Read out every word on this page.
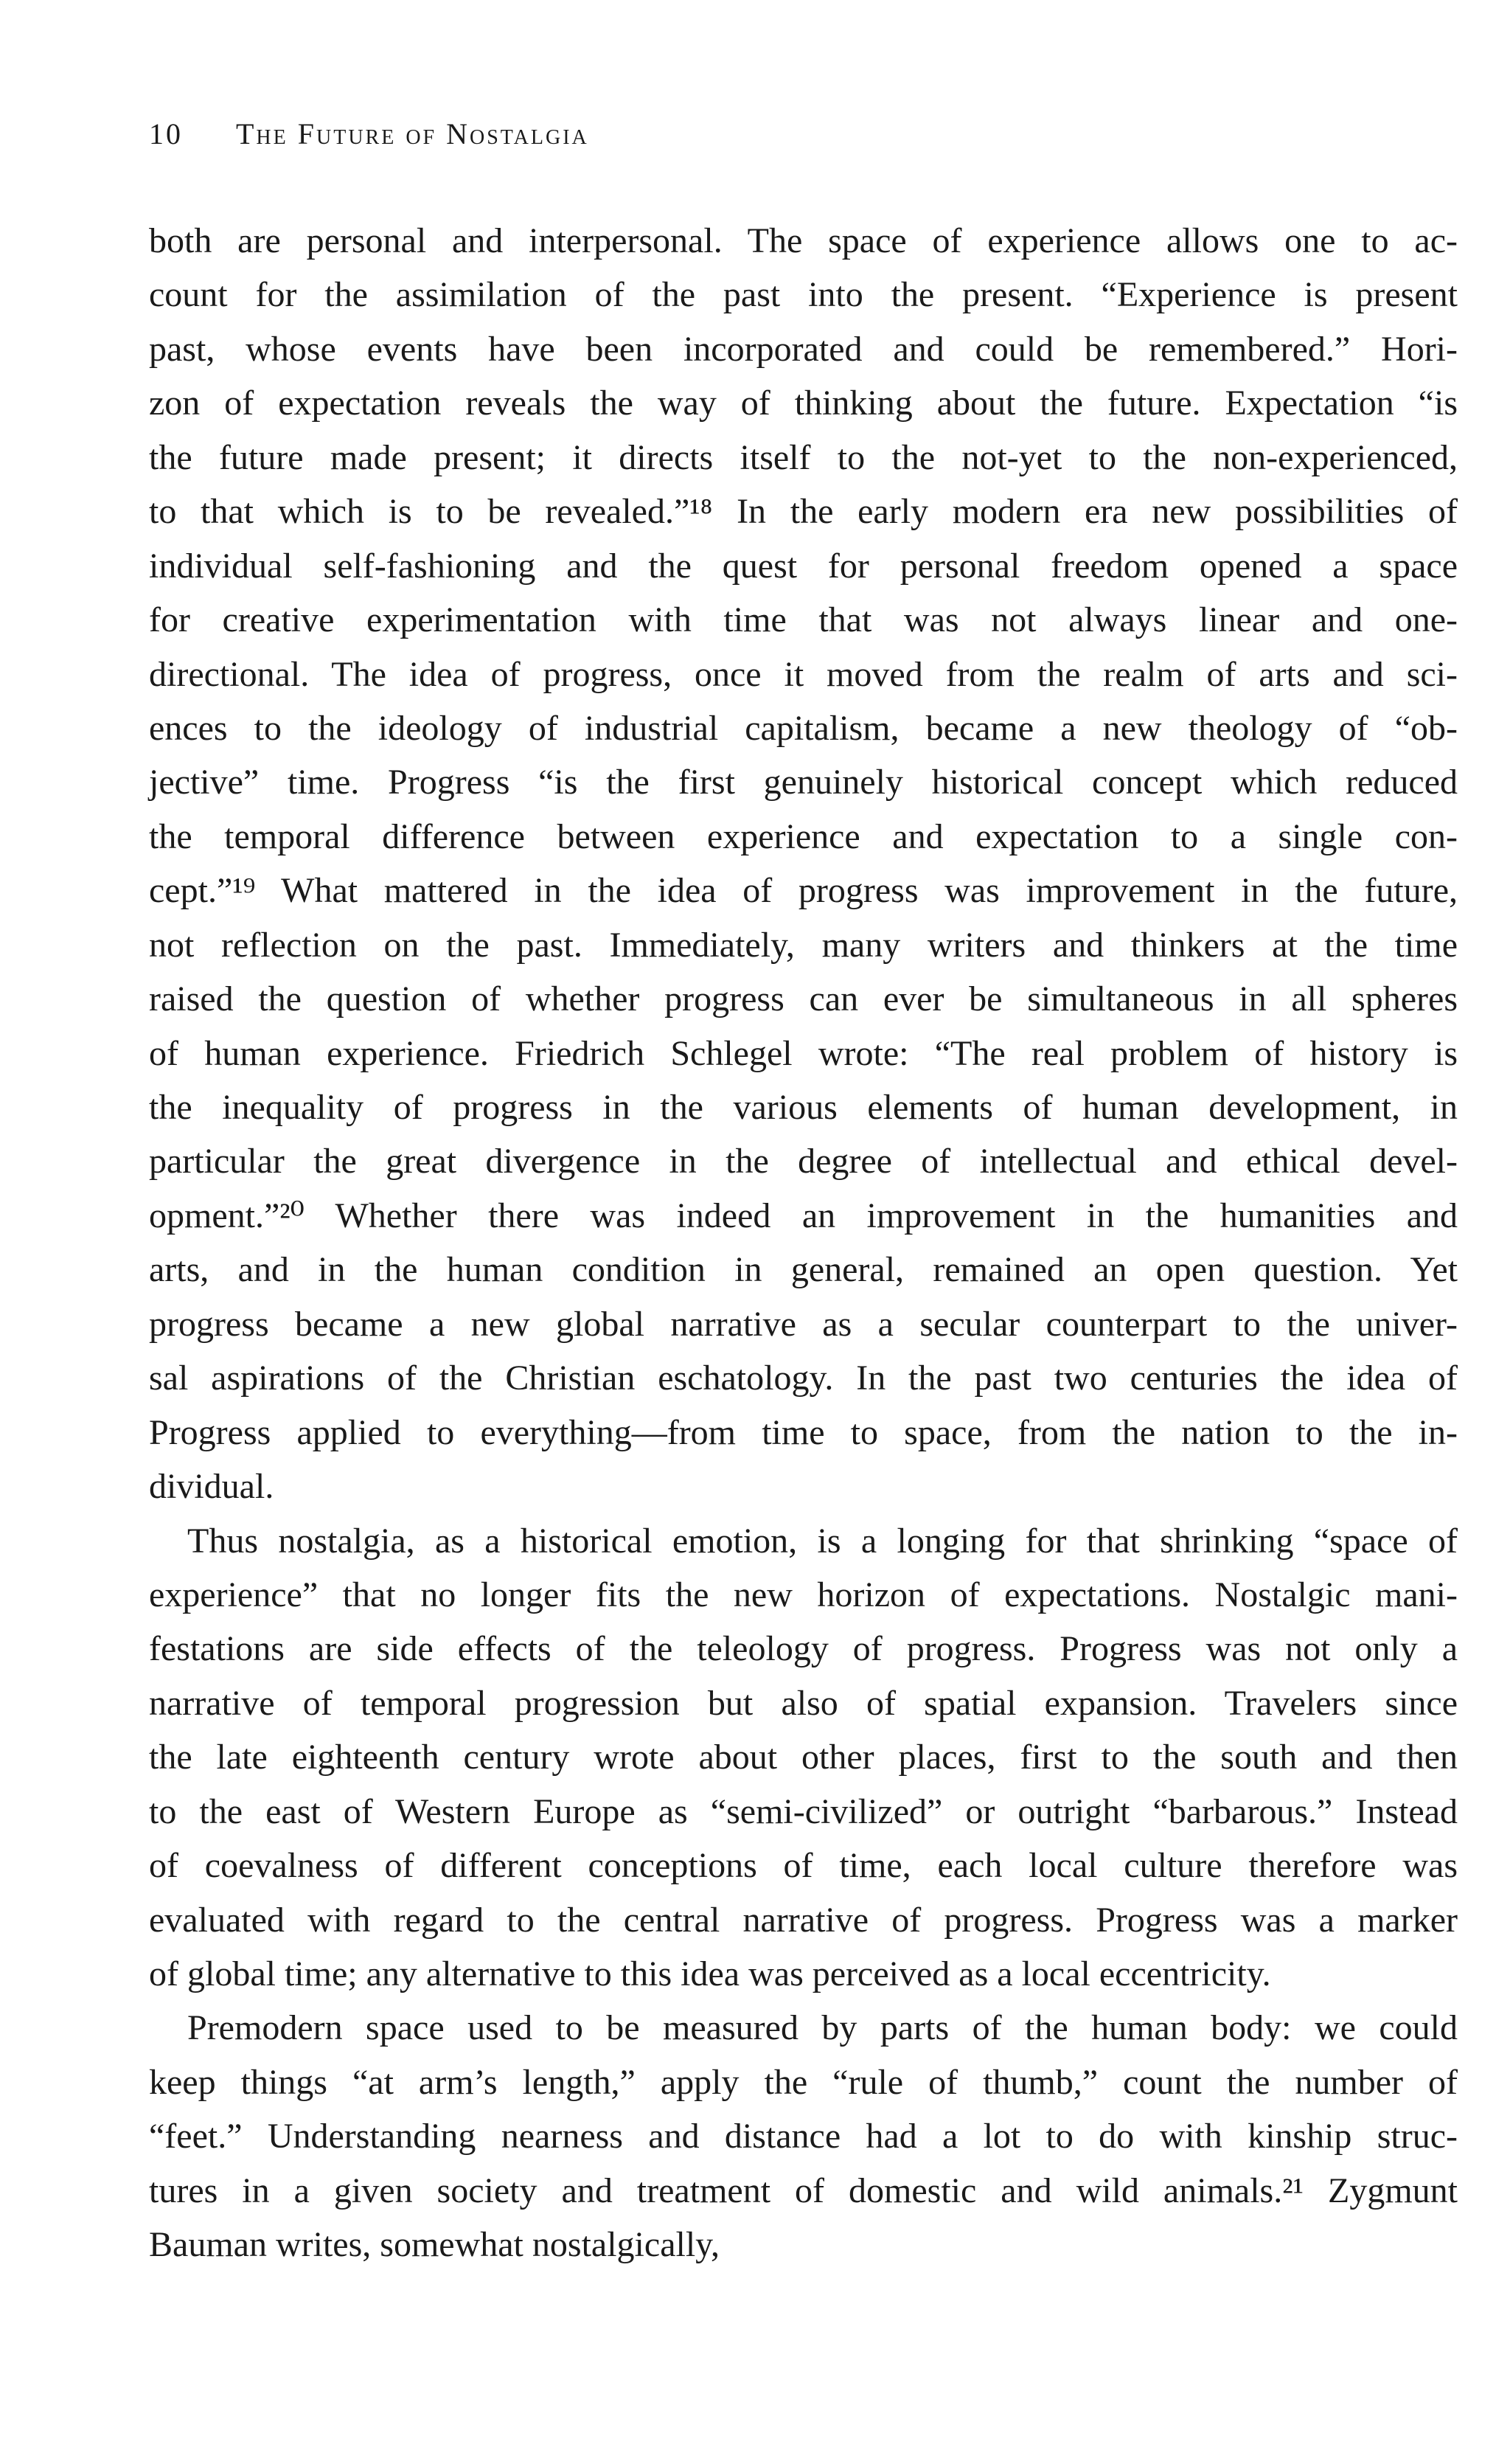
10 The Future of Nostalgia
both are personal and interpersonal. The space of experience allows one to ac-
count for the assimilation of the past into the present. “Experience is present
past, whose events have been incorporated and could be remembered.” Hori-
zon of expectation reveals the way of thinking about the future. Expectation “is
the future made present; it directs itself to the not-yet to the non-experienced,
to that which is to be revealed.”¹⁸ In the early modern era new possibilities of
individual self-fashioning and the quest for personal freedom opened a space
for creative experimentation with time that was not always linear and one-
directional. The idea of progress, once it moved from the realm of arts and sci-
ences to the ideology of industrial capitalism, became a new theology of “ob-
jective” time. Progress “is the first genuinely historical concept which reduced
the temporal difference between experience and expectation to a single con-
cept.”¹⁹ What mattered in the idea of progress was improvement in the future,
not reflection on the past. Immediately, many writers and thinkers at the time
raised the question of whether progress can ever be simultaneous in all spheres
of human experience. Friedrich Schlegel wrote: “The real problem of history is
the inequality of progress in the various elements of human development, in
particular the great divergence in the degree of intellectual and ethical devel-
opment.”²⁰ Whether there was indeed an improvement in the humanities and
arts, and in the human condition in general, remained an open question. Yet
progress became a new global narrative as a secular counterpart to the univer-
sal aspirations of the Christian eschatology. In the past two centuries the idea of
Progress applied to everything—from time to space, from the nation to the in-
dividual.
Thus nostalgia, as a historical emotion, is a longing for that shrinking “space of
experience” that no longer fits the new horizon of expectations. Nostalgic mani-
festations are side effects of the teleology of progress. Progress was not only a
narrative of temporal progression but also of spatial expansion. Travelers since
the late eighteenth century wrote about other places, first to the south and then
to the east of Western Europe as “semi-civilized” or outright “barbarous.” Instead
of coevalness of different conceptions of time, each local culture therefore was
evaluated with regard to the central narrative of progress. Progress was a marker
of global time; any alternative to this idea was perceived as a local eccentricity.
Premodern space used to be measured by parts of the human body: we could
keep things “at arm’s length,” apply the “rule of thumb,” count the number of
“feet.” Understanding nearness and distance had a lot to do with kinship struc-
tures in a given society and treatment of domestic and wild animals.²¹ Zygmunt
Bauman writes, somewhat nostalgically,
